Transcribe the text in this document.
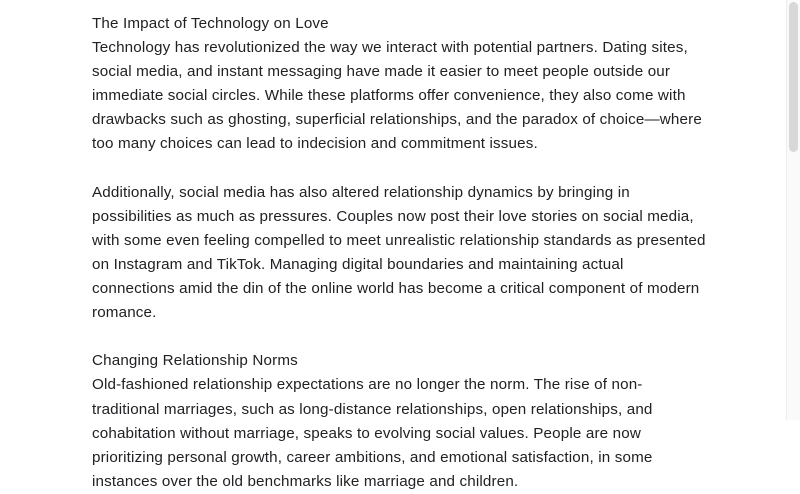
The Impact of Technology on Love

Technology has revolutionized the way we interact with potential partners. Dating sites, social media, and instant messaging have made it easier to meet people outside our immediate social circles. While these platforms offer convenience, they also come with drawbacks such as ghosting, superficial relationships, and the paradox of choice—where too many choices can lead to indecision and commitment issues.

Additionally, social media has also altered relationship dynamics by bringing in possibilities as much as pressures. Couples now post their love stories on social media, with some even feeling compelled to meet unrealistic relationship standards as presented on Instagram and TikTok. Managing digital boundaries and maintaining actual connections amid the din of the online world has become a critical component of modern romance.

Changing Relationship Norms

Old-fashioned relationship expectations are no longer the norm. The rise of non-traditional marriages, such as long-distance relationships, open relationships, and cohabitation without marriage, speaks to evolving social values. People are now prioritizing personal growth, career ambitions, and emotional satisfaction, in some instances over the old benchmarks like marriage and children.
